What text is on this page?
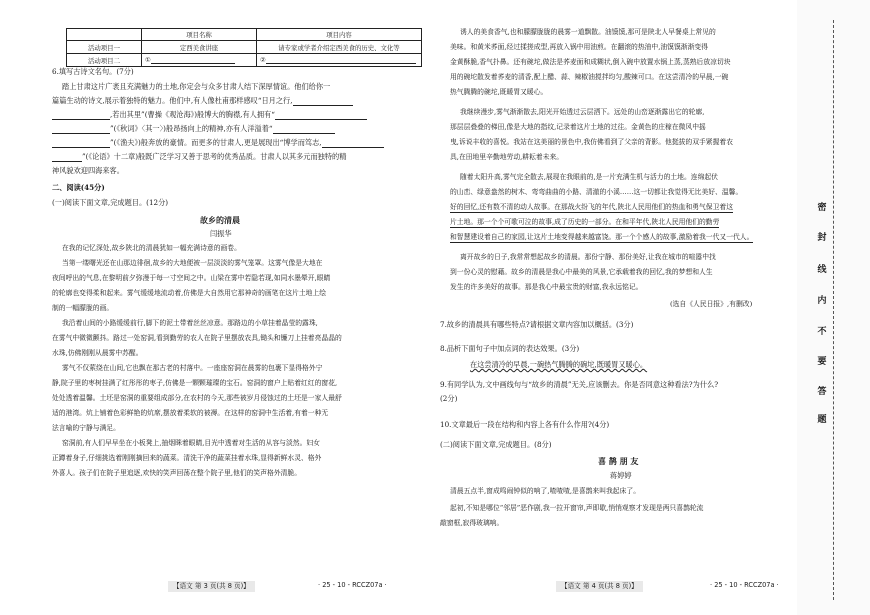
	项目名称	项目内容
活动项目一	定西美食讲座	请专家或学者介绍定西美食的历史、文化等
活动项目二	①	②
6.填写古诗文名句。(7分)
踏上甘肃这片广袤且充满魅力的土地,你定会与众多甘肃人结下深厚情谊。他们给你一
篇篇生动的诗文,展示着独特的魅力。他们中,有人像杜甫那样感叹“日月之行,
,若出其里”(曹操《观沧海》)般博大的胸襟,有人拥有“
”(《秋词》〈其一〉)般昂扬向上的精神,亦有人洋溢着“
”(《渔夫》)般奔放的豪情。而更多的甘肃人,更是展现出“博学而笃志,
”(《论语》十二章)般既广泛学习又善于思考的优秀品质。甘肃人以其多元而独特的精
神风貌欢迎四海来客。
二、阅读(45分)
(一)阅读下面文章,完成题目。(12分)
故乡的清晨
闫振华
在我的记忆深处,故乡陕北的清晨犹如一幅充满诗意的画卷。
当第一缕曙光还在山那边徘徊,故乡的大地便被一层淡淡的雾气笼罩。这雾气像是大地在
夜间呼出的气息,在黎明前夕弥漫于每一寸空间之中。山梁在雾中若隐若现,如同水墨晕开,眼睛
的轮廓也变得柔和起来。雾气缓缓地流动着,仿佛是大自然用它那神奇的画笔在这片土地上绘
制的一幅朦胧的画。
我沿着山间的小路缓缓前行,脚下的泥土带着丝丝凉意。那路边的小草挂着晶莹的露珠,
在雾气中微微颤抖。路过一处窑洞,看到勤劳的农人在院子里摆放农具,锄头和镰刀上挂着亮晶晶的
水珠,仿佛刚刚从晨雾中苏醒。
雾气不仅萦绕在山间,它也飘在那古老的村落中。一座座窑洞在晨雾的包裹下显得格外宁
静,院子里的枣树挂满了红彤彤的枣子,仿佛是一颗颗璀璨的宝石。窑洞的窗户上贴着红红的窗花,
处处透着温馨。土坯是窑洞的重要组成部分,在农村的今天,那些被岁月侵蚀过的土坯是一家人最舒
适的港湾。炕上铺着色彩鲜艳的炕席,摆放着柔软的被褥。在这样的窑洞中生活着,有着一种无
法言喻的宁静与满足。
窑洞前,有人们早早坐在小板凳上,抽烟眯着眼睛,目光中透着对生活的从容与淡然。妇女
正蹲着身子,仔细挑选着刚刚摘回来的蔬菜。清洗干净的蔬菜挂着水珠,显得新鲜水灵、格外
外喜人。孩子们在院子里追逐,欢快的笑声回荡在整个院子里,他们的笑声格外清脆。
【语文 第 3 页(共 8 页)】	· 25 - 10 - RCCZ07a ·
诱人的美食香气,也和朦朦胧胧的晨雾一道飘散。油馍馍,那可是陕北人早餐桌上常见的
美味。和黄米荞面,经过揉搓成型,再放入锅中用油煎。在翻滚的热油中,油馍馍渐渐变得
金黄酥脆,香气扑鼻。还有碗坨,做法是荞麦面和成糊状,倒入碗中放置水锅上蒸,蒸熟后放凉切块
用的碗坨散发着荞麦的清香,配上醋、蒜、辣椒油搅拌均匀,酸辣可口。在这尝清冷的早晨,一碗
热气腾腾的碗坨,既暖胃又暖心。
我继续漫步,雾气渐渐散去,阳光开始透过云层洒下。远处的山峦逐渐露出它的轮廓,
那层层叠叠的梯田,像是大地的指纹,记录着这片土地的过往。金黄色的庄稼在微风中摇
曳,诉说丰收的喜悦。我站在这美丽的景色中,我仿佛看到了父亲的背影。他挺拔的双手紧握着农
具,在田地里辛勤地劳动,耕耘着未来。
随着太阳升高,雾气完全散去,展现在我眼前的,是一片充满生机与活力的土地。连绵起伏
的山峦、绿意盎然的树木、弯弯曲曲的小路、清澈的小溪……这一切都让我觉得无比美好、温馨。
好的回忆,还有数不清的动人故事。在那战火纷飞的年代,陕北人民用他们的热血和勇气保卫着这
片土地。那一个个可歌可泣的故事,成了历史的一部分。在和平年代,陕北人民用他们的勤劳
和智慧建设着自己的家园,让这片土地变得越来越富饶。那一个个感人的故事,激励着我一代又一代人。
离开故乡的日子,我常常想起故乡的清晨。那份宁静、那份美好,让我在城市的喧嚣中找
到一份心灵的慰藉。故乡的清晨是我心中最美的风景,它承载着我的回忆,我的梦想和人生
发生的许多美好的故事。那是我心中最宝贵的财富,我永远铭记。
(选自《人民日报》,有删改)
7.故乡的清晨具有哪些特点?请根据文章内容加以概括。(3分)
8.品析下面句子中加点词的表达效果。(3分)
在这尝清冷的早晨,一碗热气腾腾的碗坨,既暖胃又暖心。
9.有同学认为,文中画线句与“故乡的清晨”无关,应该删去。你是否同意这种看法?为什么?
(2分)
10.文章最后一段在结构和内容上各有什么作用?(4分)
(二)阅读下面文章,完成题目。(8分)
喜 鹊 朋 友
蒋婷婷
清晨五点半,窗成鸣闹钟似的响了,喳喳喳,是喜鹊来叫我起床了。
起初,不知是哪位“邻居”恶作剧,我一拉开窗帘,声即歇,悄悄观察才发现是两只喜鹊轮流
敲窗框,寂得玻璃响。
【语文 第 4 页(共 8 页)】	· 25 - 10 - RCCZ07a ·
密
封
线
内
不
要
答
题
